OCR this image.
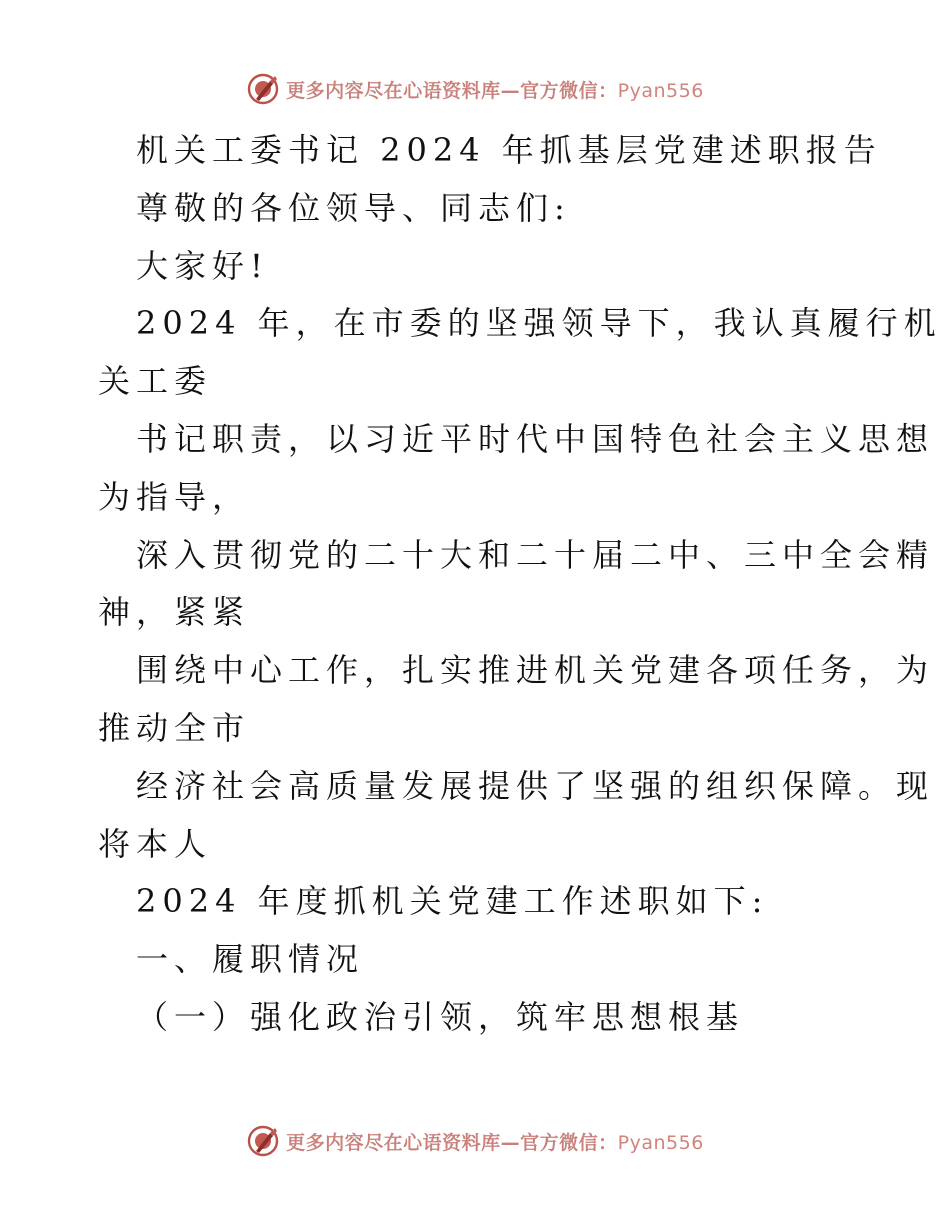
更多内容尽在心语资料库—官方微信：Pyan556
机关工委书记 2024 年抓基层党建述职报告
尊敬的各位领导、同志们:
大家好!
2024 年，在市委的坚强领导下，我认真履行机
关工委
书记职责，以习近平时代中国特色社会主义思想
为指导，
深入贯彻党的二十大和二十届二中、三中全会精
神，紧紧
围绕中心工作，扎实推进机关党建各项任务，为
推动全市
经济社会高质量发展提供了坚强的组织保障。现
将本人
2024 年度抓机关党建工作述职如下:
一、履职情况
（一）强化政治引领，筑牢思想根基
更多内容尽在心语资料库—官方微信：Pyan556
